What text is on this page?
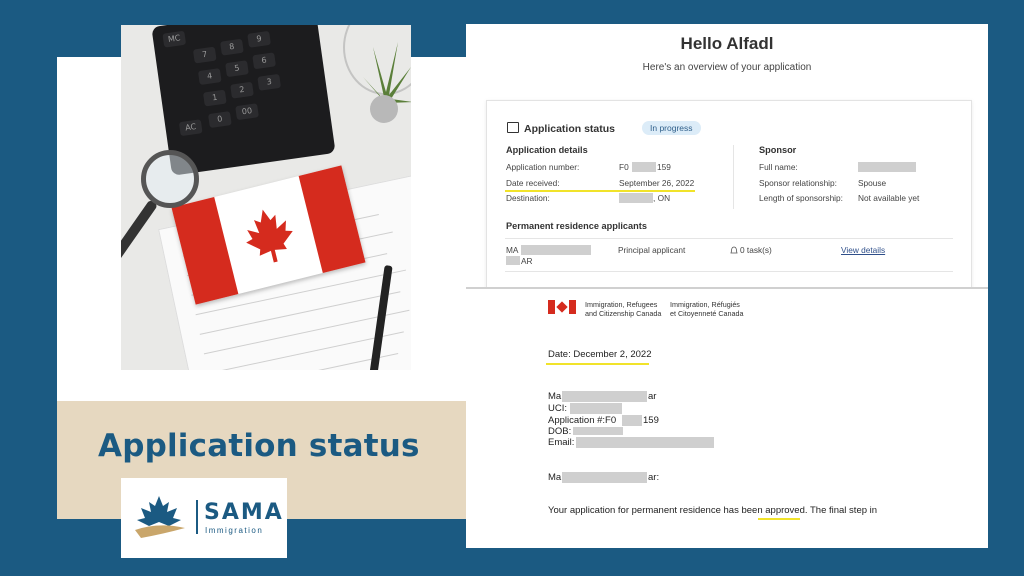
MC
7
8
9
4
5
6
1
2
3
0
00
AC
Application status
SAMA
Immigration
Hello Alfadl
Here's an overview of your application
Application status	In progress
Application details
Application number:	F0	159
Date received:	September 26, 2022
Destination:	, ON
Sponsor
Full name:
Sponsor relationship:	Spouse
Length of sponsorship: Not available yet
Permanent residence applicants
MA
AR
Principal applicant	0 task(s)	View details
Immigration, Refugees
and Citizenship Canada
Immigration, Réfugiés
et Citoyenneté Canada
Date: December 2, 2022
Ma	ar
UCI:
Application #:F0	159
DOB:
Email:
Ma	ar:
Your application for permanent residence has been approved. The final step in
